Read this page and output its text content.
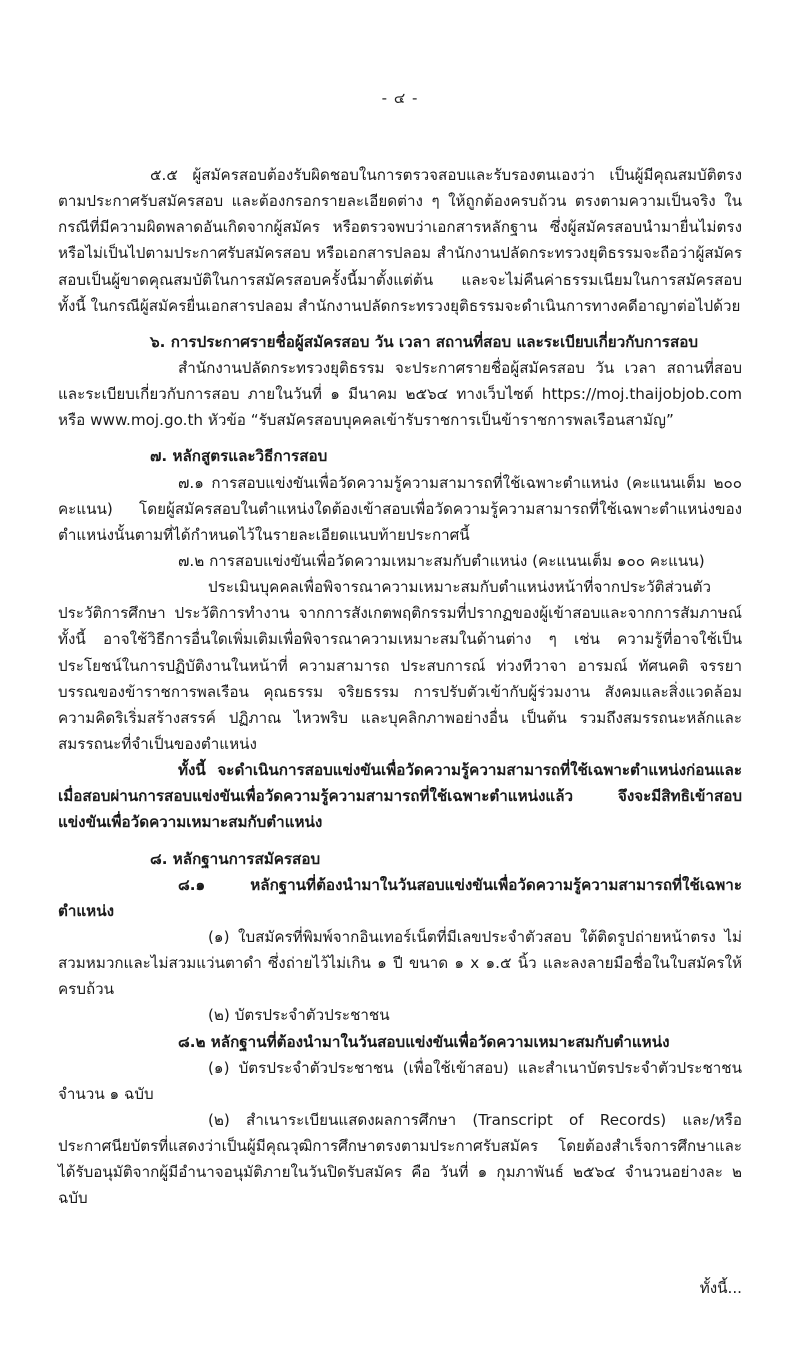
- ๔ -

๕.๕ ผู้สมัครสอบต้องรับผิดชอบในการตรวจสอบและรับรองตนเองว่า เป็นผู้มีคุณสมบัติตรงตามประกาศรับสมัครสอบ และต้องกรอกรายละเอียดต่าง ๆ ให้ถูกต้องครบถ้วน ตรงตามความเป็นจริง ในกรณีที่มีความผิดพลาดอันเกิดจากผู้สมัคร หรือตรวจพบว่าเอกสารหลักฐาน ซึ่งผู้สมัครสอบนำมายื่นไม่ตรงหรือไม่เป็นไปตามประกาศรับสมัครสอบ หรือเอกสารปลอม สำนักงานปลัดกระทรวงยุติธรรมจะถือว่าผู้สมัครสอบเป็นผู้ขาดคุณสมบัติในการสมัครสอบครั้งนี้มาตั้งแต่ต้น และจะไม่คืนค่าธรรมเนียมในการสมัครสอบ ทั้งนี้ ในกรณีผู้สมัครยื่นเอกสารปลอม สำนักงานปลัดกระทรวงยุติธรรมจะดำเนินการทางคดีอาญาต่อไปด้วย

๖. การประกาศรายชื่อผู้สมัครสอบ วัน เวลา สถานที่สอบ และระเบียบเกี่ยวกับการสอบ

สำนักงานปลัดกระทรวงยุติธรรม จะประกาศรายชื่อผู้สมัครสอบ วัน เวลา สถานที่สอบ และระเบียบเกี่ยวกับการสอบ ภายในวันที่ ๑ มีนาคม ๒๕๖๔ ทางเว็บไซต์ https://moj.thaijobjob.com หรือ www.moj.go.th หัวข้อ “รับสมัครสอบบุคคลเข้ารับราชการเป็นข้าราชการพลเรือนสามัญ”

๗. หลักสูตรและวิธีการสอบ

๗.๑ การสอบแข่งขันเพื่อวัดความรู้ความสามารถที่ใช้เฉพาะตำแหน่ง (คะแนนเต็ม ๒๐๐ คะแนน) โดยผู้สมัครสอบในตำแหน่งใดต้องเข้าสอบเพื่อวัดความรู้ความสามารถที่ใช้เฉพาะตำแหน่งของตำแหน่งนั้นตามที่ได้กำหนดไว้ในรายละเอียดแนบท้ายประกาศนี้

๗.๒ การสอบแข่งขันเพื่อวัดความเหมาะสมกับตำแหน่ง (คะแนนเต็ม ๑๐๐ คะแนน)

ประเมินบุคคลเพื่อพิจารณาความเหมาะสมกับตำแหน่งหน้าที่จากประวัติส่วนตัว ประวัติการศึกษา ประวัติการทำงาน จากการสังเกตพฤติกรรมที่ปรากฏของผู้เข้าสอบและจากการสัมภาษณ์ ทั้งนี้ อาจใช้วิธีการอื่นใดเพิ่มเติมเพื่อพิจารณาความเหมาะสมในด้านต่าง ๆ เช่น ความรู้ที่อาจใช้เป็นประโยชน์ในการปฏิบัติงานในหน้าที่ ความสามารถ ประสบการณ์ ท่วงทีวาจา อารมณ์ ทัศนคติ จรรยาบรรณของข้าราชการพลเรือน คุณธรรม จริยธรรม การปรับตัวเข้ากับผู้ร่วมงาน สังคมและสิ่งแวดล้อม ความคิดริเริ่มสร้างสรรค์ ปฏิภาณ ไหวพริบ และบุคลิกภาพอย่างอื่น เป็นต้น รวมถึงสมรรถนะหลักและสมรรถนะที่จำเป็นของตำแหน่ง

ทั้งนี้ จะดำเนินการสอบแข่งขันเพื่อวัดความรู้ความสามารถที่ใช้เฉพาะตำแหน่งก่อนและเมื่อสอบผ่านการสอบแข่งขันเพื่อวัดความรู้ความสามารถที่ใช้เฉพาะตำแหน่งแล้ว จึงจะมีสิทธิเข้าสอบแข่งขันเพื่อวัดความเหมาะสมกับตำแหน่ง

๘. หลักฐานการสมัครสอบ

๘.๑ หลักฐานที่ต้องนำมาในวันสอบแข่งขันเพื่อวัดความรู้ความสามารถที่ใช้เฉพาะตำแหน่ง

(๑) ใบสมัครที่พิมพ์จากอินเทอร์เน็ตที่มีเลขประจำตัวสอบ ใต้ติดรูปถ่ายหน้าตรง ไม่สวมหมวกและไม่สวมแว่นตาดำ ซึ่งถ่ายไว้ไม่เกิน ๑ ปี ขนาด ๑ x ๑.๕ นิ้ว และลงลายมือชื่อในใบสมัครให้ครบถ้วน

(๒) บัตรประจำตัวประชาชน

๘.๒ หลักฐานที่ต้องนำมาในวันสอบแข่งขันเพื่อวัดความเหมาะสมกับตำแหน่ง

(๑) บัตรประจำตัวประชาชน (เพื่อใช้เข้าสอบ) และสำเนาบัตรประจำตัวประชาชน จำนวน ๑ ฉบับ

(๒) สำเนาระเบียนแสดงผลการศึกษา (Transcript of Records) และ/หรือประกาศนียบัตรที่แสดงว่าเป็นผู้มีคุณวุฒิการศึกษาตรงตามประกาศรับสมัคร โดยต้องสำเร็จการศึกษาและได้รับอนุมัติจากผู้มีอำนาจอนุมัติภายในวันปิดรับสมัคร คือ วันที่ ๑ กุมภาพันธ์ ๒๕๖๔ จำนวนอย่างละ ๒ ฉบับ

ทั้งนี้...
